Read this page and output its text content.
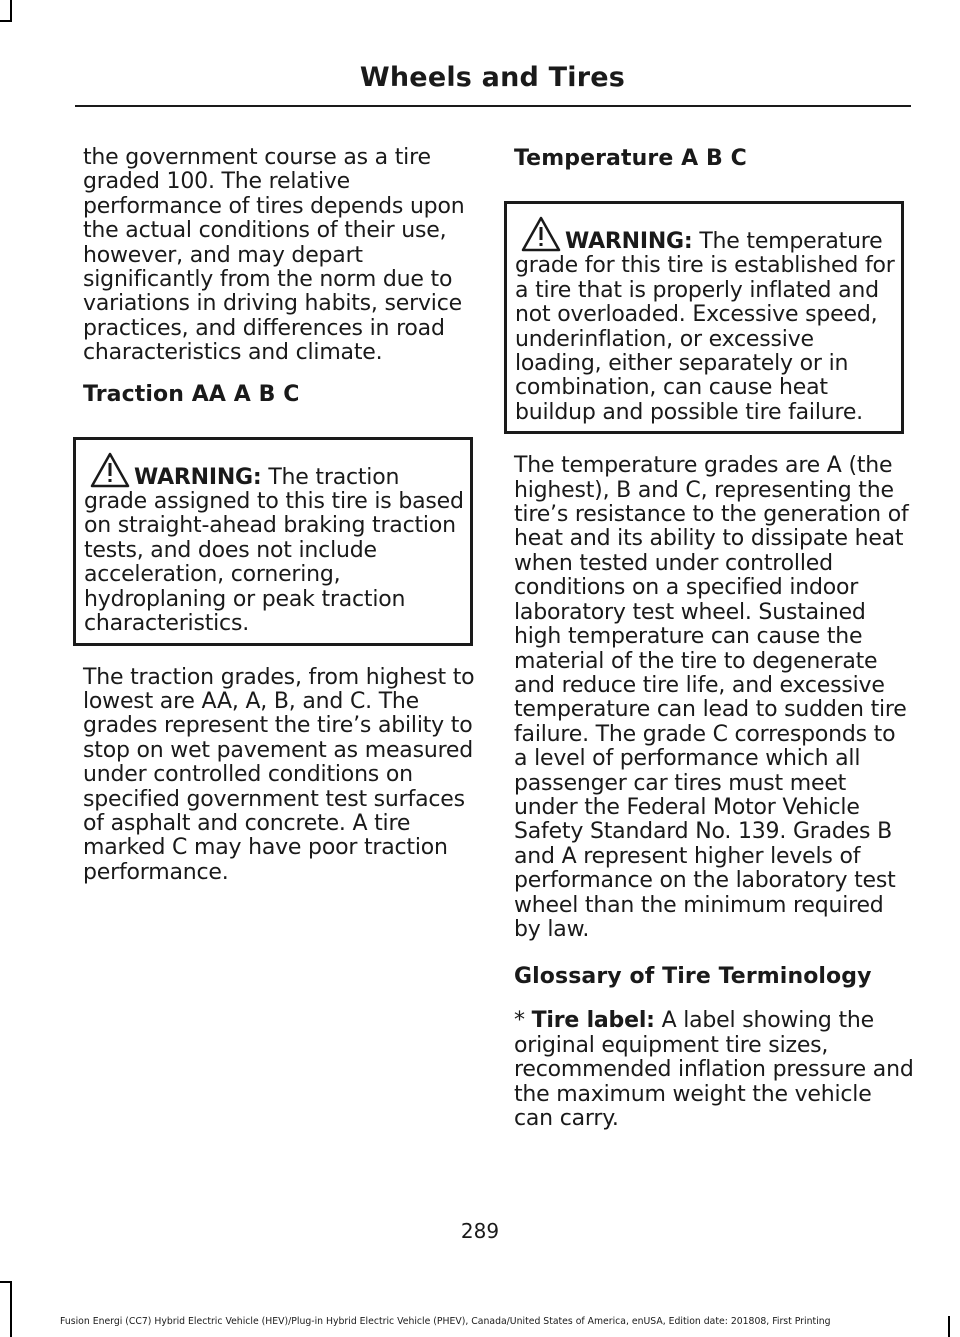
Wheels and Tires

the government course as a tire graded 100. The relative performance of tires depends upon the actual conditions of their use, however, and may depart significantly from the norm due to variations in driving habits, service practices, and differences in road characteristics and climate.

Traction AA A B C

WARNING: The traction grade assigned to this tire is based on straight-ahead braking traction tests, and does not include acceleration, cornering, hydroplaning or peak traction characteristics.

The traction grades, from highest to lowest are AA, A, B, and C. The grades represent the tire’s ability to stop on wet pavement as measured under controlled conditions on specified government test surfaces of asphalt and concrete. A tire marked C may have poor traction performance.

Temperature A B C

WARNING: The temperature grade for this tire is established for a tire that is properly inflated and not overloaded. Excessive speed, underinflation, or excessive loading, either separately or in combination, can cause heat buildup and possible tire failure.

The temperature grades are A (the highest), B and C, representing the tire’s resistance to the generation of heat and its ability to dissipate heat when tested under controlled conditions on a specified indoor laboratory test wheel. Sustained high temperature can cause the material of the tire to degenerate and reduce tire life, and excessive temperature can lead to sudden tire failure. The grade C corresponds to a level of performance which all passenger car tires must meet under the Federal Motor Vehicle Safety Standard No. 139. Grades B and A represent higher levels of performance on the laboratory test wheel than the minimum required by law.

Glossary of Tire Terminology

* Tire label: A label showing the original equipment tire sizes, recommended inflation pressure and the maximum weight the vehicle can carry.

289
Fusion Energi (CC7) Hybrid Electric Vehicle (HEV)/Plug-in Hybrid Electric Vehicle (PHEV), Canada/United States of America, enUSA, Edition date: 201808, First Printing
